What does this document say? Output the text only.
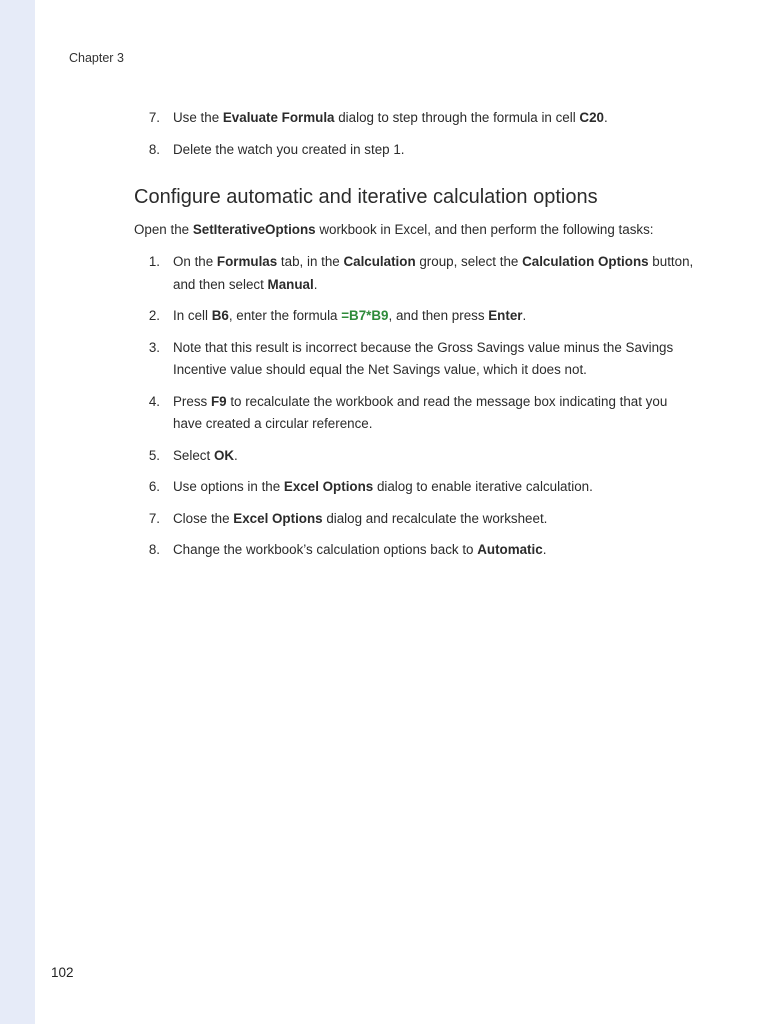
Chapter 3
7. Use the Evaluate Formula dialog to step through the formula in cell C20.
8. Delete the watch you created in step 1.
Configure automatic and iterative calculation options

Open the SetIterativeOptions workbook in Excel, and then perform the following tasks:

1. On the Formulas tab, in the Calculation group, select the Calculation Options button, and then select Manual.
2. In cell B6, enter the formula =B7*B9, and then press Enter.
3. Note that this result is incorrect because the Gross Savings value minus the Savings Incentive value should equal the Net Savings value, which it does not.
4. Press F9 to recalculate the workbook and read the message box indicating that you have created a circular reference.
5. Select OK.
6. Use options in the Excel Options dialog to enable iterative calculation.
7. Close the Excel Options dialog and recalculate the worksheet.
8. Change the workbook’s calculation options back to Automatic.
102
